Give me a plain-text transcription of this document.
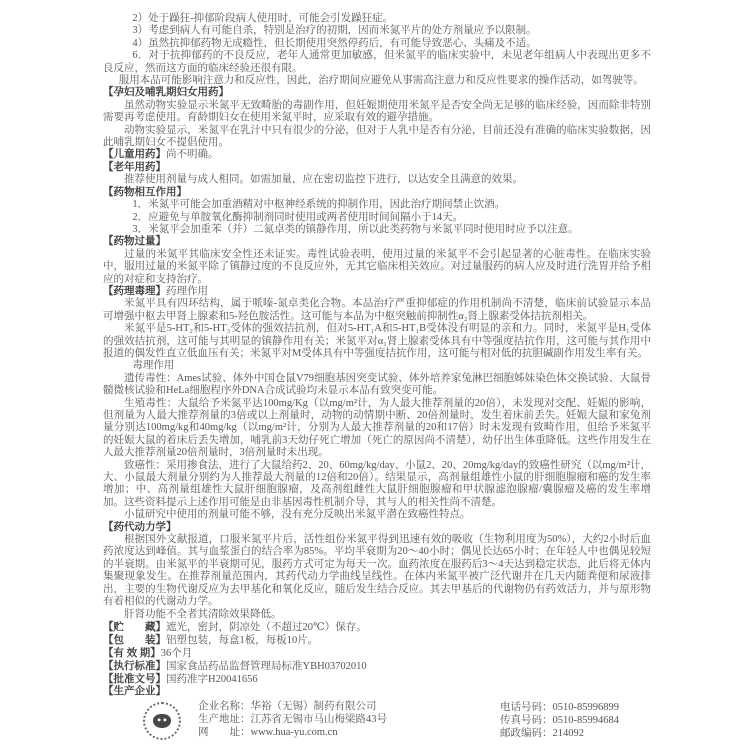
2）处于躁狂-抑郁阶段病人使用时，可能会引发躁狂症。

3）考虑到病人有可能自杀，特别是治疗的初期，因而米氮平片的处方剂量应予以限制。

4）虽然抗抑郁药物无成瘾性，但长期使用突然停药后，有可能导致恶心、头痛及不适。

6．对于抗抑郁药的不良反应，老年人通常更加敏感，但米氮平的临床实验中，未见老年组病人中表现出更多不良反应，然而这方面的临床经验还很有限。

服用本品可能影响注意力和反应性，因此，治疗期间应避免从事需高注意力和反应性要求的操作活动，如驾驶等。

【孕妇及哺乳期妇女用药】

虽然动物实验显示米氮平无致畸胎的毒副作用，但妊娠期使用米氮平是否安全尚无足够的临床经验，因而除非特别需要再考虑使用。育龄期妇女在使用米氮平时，应采取有效的避孕措施。

动物实验显示，米氮平在乳汁中只有很少的分泌，但对于人乳中是否有分泌，目前还没有准确的临床实验数据，因此哺乳期妇女不提倡使用。

【儿童用药】尚不明确。

【老年用药】

推荐使用剂量与成人相同。如需加量，应在密切监控下进行，以达安全且满意的效果。

【药物相互作用】

1．米氮平可能会加重酒精对中枢神经系统的抑制作用，因此治疗期间禁止饮酒。

2．应避免与单胺氧化酶抑制剂同时使用或两者使用时间间隔小于14天。

3．米氮平会加重苯（并）二氮卓类的镇静作用，所以此类药物与米氮平同时使用时应予以注意。

【药物过量】

过量的米氮平其临床安全性还未证实。毒性试验表明，使用过量的米氮平不会引起显著的心脏毒性。在临床实验中，服用过量的米氮平除了镇静过度的不良反应外，无其它临床相关效应。对过量服药的病人应及时进行洗胃并给予相应的对症和支持治疗。

【药理毒理】药理作用

米氮平具有四环结构，属于哌嗪-氮卓类化合物。本品治疗严重抑郁症的作用机制尚不清楚，临床前试验显示本品可增强中枢去甲肾上腺素和5-羟色胺活性。这可能与本品为中枢突触前抑制性α₂肾上腺素受体拮抗剂相关。

米氮平是5-HT₂和5-HT₃受体的强效拮抗剂，但对5-HT₁A和5-HT₁B受体没有明显的亲和力。同时，米氮平是H₁受体的强效拮抗剂，这可能与其明显的镇静作用有关；米氮平对α₁肾上腺素受体具有中等强度拮抗作用，这可能与其作用中报道的偶发性直立低血压有关；米氮平对M受体具有中等强度拮抗作用，这可能与相对低的抗胆碱副作用发生率有关。

毒理作用

遗传毒性：Ames试验、体外中国仓鼠V79细胞基因突变试验、体外培养家兔淋巴细胞姊妹染色体交换试验、大鼠骨髓微核试验和HeLa细胞程序外DNA合成试验均未显示本品有致突变可能。

生殖毒性：大鼠给予米氮平达100mg/Kg（以mg/m²计，为人最大推荐剂量的20倍），未发现对交配、妊娠的影响，但剂量为人最大推荐剂量的3倍或以上剂量时，动物的动情期中断、20倍剂量时，发生着床前丢失。妊娠大鼠和家兔剂量分别达100mg/kg和40mg/kg（以mg/m²计，分别为人最大推荐剂量的20和17倍）时未发现有致畸作用，但给予米氮平的妊娠大鼠的着床后丢失增加，哺乳前3天幼仔死亡增加（死亡的原因尚不清楚），幼仔出生体重降低。这些作用发生在人最大推荐剂量20倍剂量时，3倍剂量时未出现。

致癌性：采用掺食法，进行了大鼠给药2、20、60mg/kg/day、小鼠2、20、20mg/kg/day的致癌性研究（以mg/m²计，大、小鼠最大剂量分别约为人推荐最大剂量的12倍和20倍）。结果显示，高剂量组雄性小鼠的肝细胞腺瘤和癌的发生率增加；中、高剂量组雄性大鼠肝细胞腺瘤，及高剂组雌性大鼠肝细胞腺瘤和甲状腺滤泡腺瘤/囊腺瘤及癌的发生率增加。这些资料提示上述作用可能是由非基因毒性机制介导，其与人的相关性尚不清楚。

小鼠研究中使用的剂量可能不够，没有充分反映出米氮平潜在致癌性特点。

【药代动力学】

根据国外文献报道，口服米氮平片后，活性组份米氮平得到迅速有效的吸收（生物利用度为50%），大约2小时后血药浓度达到峰值。其与血浆蛋白的结合率为85%。平均半衰期为20～40小时；偶见长达65小时；在年轻人中也偶见较短的半衰期。由米氮平的半衰期可见，服药方式可定为每天一次。血药浓度在服药后3～4天达到稳定状态，此后将无体内集聚现象发生。在推荐剂量范围内，其药代动力学曲线呈线性。在体内米氮平被广泛代谢并在几天内随粪便和尿液排出，主要的生物代谢反应为去甲基化和氧化反应，随后发生结合反应。其去甲基后的代谢物仍有药效活力，并与原形物有着相似的代谢动力学。

肝肾功能不全者其清除效果降低。

【贮　　藏】遮光，密封，阴凉处（不超过20℃）保存。

【包　　装】铝塑包装，每盒1板，每板10片。

【有 效 期】36个月

【执行标准】国家食品药品监督管理局标准YBH03702010

【批准文号】国药准字H20041656

【生产企业】

企业名称：华裕（无锡）制药有限公司
生产地址：江苏省无锡市马山梅梁路43号
网　　址：www.hua-yu.com.cn
电话号码：0510-85996899
传真号码：0510-85994684
邮政编码：214092
